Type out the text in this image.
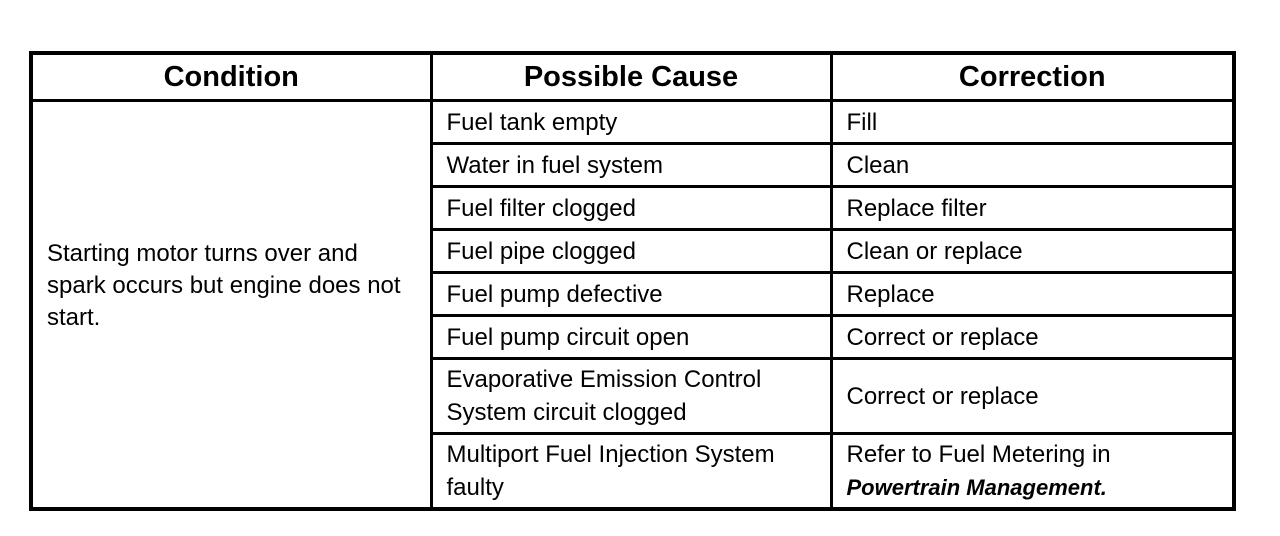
Condition	Possible Cause	Correction
Starting motor turns over and spark occurs but engine does not start.	Fuel tank empty	Fill
	Water in fuel system	Clean
	Fuel filter clogged	Replace filter
	Fuel pipe clogged	Clean or replace
	Fuel pump defective	Replace
	Fuel pump circuit open	Correct or replace
	Evaporative Emission Control System circuit clogged	Correct or replace
	Multiport Fuel Injection System faulty	Refer to Fuel Metering in
Powertrain Management.
